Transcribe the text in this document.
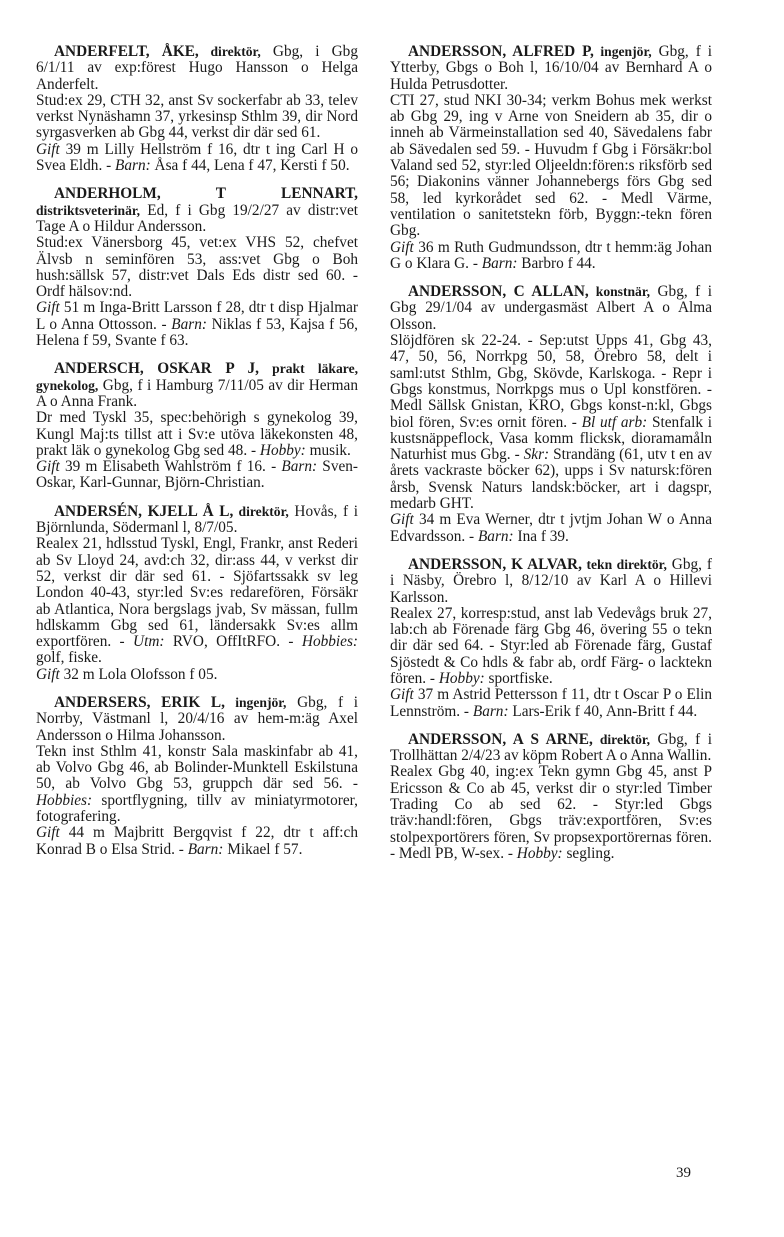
ANDERFELT, ÅKE, direktör, Gbg, i Gbg 6/1/11 av exp:förest Hugo Hansson o Helga Anderfelt.

Stud:ex 29, CTH 32, anst Sv sockerfabr ab 33, telev verkst Nynäshamn 37, yrkesinsp Sthlm 39, dir Nord syrgasverken ab Gbg 44, verkst dir där sed 61.

Gift 39 m Lilly Hellström f 16, dtr t ing Carl H o Svea Eldh. - Barn: Åsa f 44, Lena f 47, Kersti f 50.

ANDERHOLM, T LENNART, distriktsveterinär, Ed, f i Gbg 19/2/27 av distr:vet Tage A o Hildur Andersson.

Stud:ex Vänersborg 45, vet:ex VHS 52, chefvet Älvsb n seminfören 53, ass:vet Gbg o Boh hush:sällsk 57, distr:vet Dals Eds distr sed 60. - Ordf hälsov:nd.

Gift 51 m Inga-Britt Larsson f 28, dtr t disp Hjalmar L o Anna Ottosson. - Barn: Niklas f 53, Kajsa f 56, Helena f 59, Svante f 63.

ANDERSCH, OSKAR P J, prakt läkare, gynekolog, Gbg, f i Hamburg 7/11/05 av dir Herman A o Anna Frank.

Dr med Tyskl 35, spec:behörigh s gynekolog 39, Kungl Maj:ts tillst att i Sv:e utöva läkekonsten 48, prakt läk o gynekolog Gbg sed 48. - Hobby: musik.

Gift 39 m Elisabeth Wahlström f 16. - Barn: Sven-Oskar, Karl-Gunnar, Björn-Christian.

ANDERSÉN, KJELL Å L, direktör, Hovås, f i Björnlunda, Södermanl l, 8/7/05.

Realex 21, hdlsstud Tyskl, Engl, Frankr, anst Rederi ab Sv Lloyd 24, avd:ch 32, dir:ass 44, v verkst dir 52, verkst dir där sed 61. - Sjöfartssakk sv leg London 40-43, styr:led Sv:es redarefören, Försäkr ab Atlantica, Nora bergslags jvab, Sv mässan, fullm hdlskamm Gbg sed 61, ländersakk Sv:es allm exportfören. - Utm: RVO, OffItRFO. - Hobbies: golf, fiske.

Gift 32 m Lola Olofsson f 05.

ANDERSERS, ERIK L, ingenjör, Gbg, f i Norrby, Västmanl l, 20/4/16 av hem-m:äg Axel Andersson o Hilma Johansson.

Tekn inst Sthlm 41, konstr Sala maskinfabr ab 41, ab Volvo Gbg 46, ab Bolinder-Munktell Eskilstuna 50, ab Volvo Gbg 53, gruppch där sed 56. - Hobbies: sportflygning, tillv av miniatyrmotorer, fotografering.

Gift 44 m Majbritt Bergqvist f 22, dtr t aff:ch Konrad B o Elsa Strid. - Barn: Mikael f 57.

ANDERSSON, ALFRED P, ingenjör, Gbg, f i Ytterby, Gbgs o Boh l, 16/10/04 av Bernhard A o Hulda Petrusdotter.

CTI 27, stud NKI 30-34; verkm Bohus mek werkst ab Gbg 29, ing v Arne von Sneidern ab 35, dir o inneh ab Värmeinstallation sed 40, Sävedalens fabr ab Sävedalen sed 59. - Huvudm f Gbg i Försäkr:bol Valand sed 52, styr:led Oljeeldn:fören:s riksförb sed 56; Diakonins vänner Johannebergs förs Gbg sed 58, led kyrkorådet sed 62. - Medl Värme, ventilation o sanitetstekn förb, Byggn:-tekn fören Gbg.

Gift 36 m Ruth Gudmundsson, dtr t hemm:äg Johan G o Klara G. - Barn: Barbro f 44.

ANDERSSON, C ALLAN, konstnär, Gbg, f i Gbg 29/1/04 av undergasmäst Albert A o Alma Olsson.

Slöjdfören sk 22-24. - Sep:utst Upps 41, Gbg 43, 47, 50, 56, Norrkpg 50, 58, Örebro 58, delt i saml:utst Sthlm, Gbg, Skövde, Karlskoga. - Repr i Gbgs konstmus, Norrkpgs mus o Upl konstfören. - Medl Sällsk Gnistan, KRO, Gbgs konst-n:kl, Gbgs biol fören, Sv:es ornit fören. - Bl utf arb: Stenfalk i kustsnäppeflock, Vasa komm flicksk, dioramamåln Naturhist mus Gbg. - Skr: Strandäng (61, utv t en av årets vackraste böcker 62), upps i Sv natursk:fören årsb, Svensk Naturs landsk:böcker, art i dagspr, medarb GHT.

Gift 34 m Eva Werner, dtr t jvtjm Johan W o Anna Edvardsson. - Barn: Ina f 39.

ANDERSSON, K ALVAR, tekn direktör, Gbg, f i Näsby, Örebro l, 8/12/10 av Karl A o Hillevi Karlsson.

Realex 27, korresp:stud, anst lab Vedevågs bruk 27, lab:ch ab Förenade färg Gbg 46, övering 55 o tekn dir där sed 64. - Styr:led ab Förenade färg, Gustaf Sjöstedt & Co hdls & fabr ab, ordf Färg- o lacktekn fören. - Hobby: sportfiske.

Gift 37 m Astrid Pettersson f 11, dtr t Oscar P o Elin Lennström. - Barn: Lars-Erik f 40, Ann-Britt f 44.

ANDERSSON, A S ARNE, direktör, Gbg, f i Trollhättan 2/4/23 av köpm Robert A o Anna Wallin.

Realex Gbg 40, ing:ex Tekn gymn Gbg 45, anst P Ericsson & Co ab 45, verkst dir o styr:led Timber Trading Co ab sed 62. - Styr:led Gbgs träv:handl:fören, Gbgs träv:exportfören, Sv:es stolpexportörers fören, Sv propsexportörernas fören. - Medl PB, W-sex. - Hobby: segling.

39
